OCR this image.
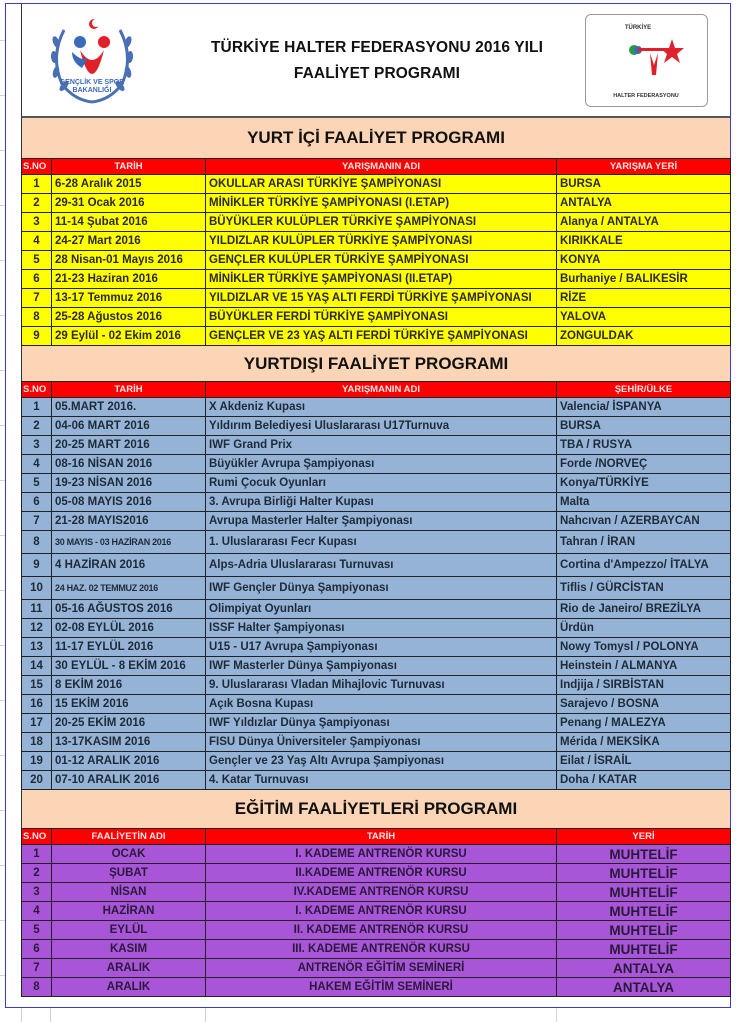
GENÇLİK VE SPOR
BAKANLIĞI
TÜRKİYE HALTER FEDERASYONU 2016 YILI
FAALİYET PROGRAMI
TÜRKİYE
HALTER FEDERASYONU
YURT İÇİ FAALİYET PROGRAMI
S.NO	TARİH	YARIŞMANIN ADI	YARIŞMA YERİ
1	6-28 Aralık 2015	OKULLAR ARASI TÜRKİYE ŞAMPİYONASI	BURSA
2	29-31 Ocak 2016	MİNİKLER TÜRKİYE ŞAMPİYONASI (I.ETAP)	ANTALYA
3	11-14 Şubat 2016	BÜYÜKLER KULÜPLER TÜRKİYE ŞAMPİYONASI	Alanya / ANTALYA
4	24-27 Mart 2016	YILDIZLAR KULÜPLER TÜRKİYE ŞAMPİYONASI	KIRIKKALE
5	28 Nisan-01 Mayıs 2016	GENÇLER KULÜPLER TÜRKİYE ŞAMPİYONASI	KONYA
6	21-23 Haziran 2016	MİNİKLER TÜRKİYE ŞAMPİYONASI (II.ETAP)	Burhaniye / BALIKESİR
7	13-17 Temmuz 2016	YILDIZLAR VE 15 YAŞ ALTI FERDİ TÜRKİYE ŞAMPİYONASI	RİZE
8	25-28 Ağustos 2016	BÜYÜKLER FERDİ TÜRKİYE ŞAMPİYONASI	YALOVA
9	29 Eylül - 02 Ekim 2016	GENÇLER VE 23 YAŞ ALTI FERDİ TÜRKİYE ŞAMPİYONASI	ZONGULDAK
YURTDIŞI FAALİYET PROGRAMI
S.NO	TARİH	YARIŞMANIN ADI	ŞEHİR/ÜLKE
1	05.MART 2016.	X Akdeniz Kupası	Valencia/ İSPANYA
2	04-06 MART 2016	Yıldırım Belediyesi Uluslararası U17Turnuva	BURSA
3	20-25 MART 2016	IWF Grand Prix	TBA / RUSYA
4	08-16 NİSAN 2016	Büyükler Avrupa Şampiyonası	Forde /NORVEÇ
5	19-23 NİSAN 2016	Rumi Çocuk Oyunları	Konya/TÜRKİYE
6	05-08 MAYIS 2016	3. Avrupa Birliği Halter Kupası	Malta
7	21-28 MAYIS2016	Avrupa Masterler Halter Şampiyonası	Nahcıvan / AZERBAYCAN
8	30 MAYIS - 03 HAZİRAN 2016	1. Uluslararası Fecr Kupası	Tahran / İRAN
9	4 HAZİRAN 2016	Alps-Adria Uluslararası Turnuvası	Cortina d'Ampezzo/ İTALYA
10	24 HAZ. 02 TEMMUZ 2016	IWF Gençler Dünya Şampiyonası	Tiflis / GÜRCİSTAN
11	05-16 AĞUSTOS 2016	Olimpiyat Oyunları	Rio de Janeiro/ BREZİLYA
12	02-08 EYLÜL 2016	ISSF Halter Şampiyonası	Ürdün
13	11-17 EYLÜL 2016	U15 - U17 Avrupa Şampiyonası	Nowy Tomysl / POLONYA
14	30 EYLÜL - 8 EKİM 2016	IWF Masterler Dünya Şampiyonası	Heinstein / ALMANYA
15	8 EKİM 2016	9. Uluslararası Vladan Mihajlovic Turnuvası	Indjija / SIRBİSTAN
16	15 EKİM 2016	Açık Bosna Kupası	Sarajevo / BOSNA
17	20-25 EKİM 2016	IWF Yıldızlar Dünya Şampiyonası	Penang / MALEZYA
18	13-17KASIM 2016	FISU Dünya Üniversiteler Şampiyonası	Mérida / MEKSİKA
19	01-12 ARALIK 2016	Gençler ve 23 Yaş Altı Avrupa Şampiyonası	Eilat / İSRAİL
20	07-10 ARALIK 2016	4. Katar Turnuvası	Doha / KATAR
EĞİTİM FAALİYETLERİ PROGRAMI
S.NO	FAALİYETİN ADI	TARİH	YERİ
1	OCAK	I. KADEME ANTRENÖR KURSU	MUHTELİF
2	ŞUBAT	II.KADEME ANTRENÖR KURSU	MUHTELİF
3	NİSAN	IV.KADEME ANTRENÖR KURSU	MUHTELİF
4	HAZİRAN	I. KADEME ANTRENÖR KURSU	MUHTELİF
5	EYLÜL	II. KADEME ANTRENÖR KURSU	MUHTELİF
6	KASIM	III. KADEME ANTRENÖR KURSU	MUHTELİF
7	ARALIK	ANTRENÖR EĞİTİM SEMİNERİ	ANTALYA
8	ARALIK	HAKEM EĞİTİM SEMİNERİ	ANTALYA
